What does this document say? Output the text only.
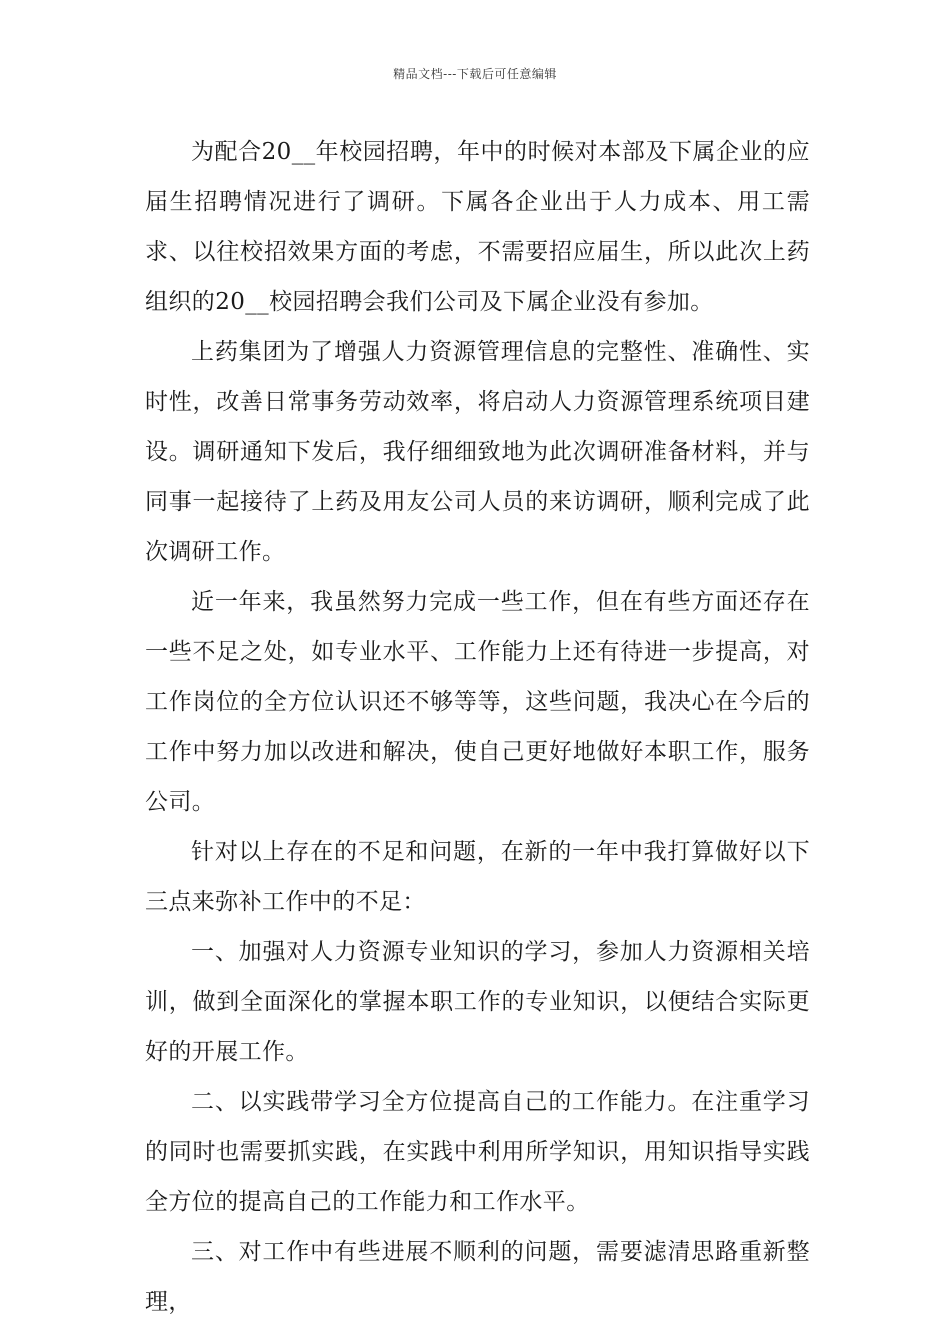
精品文档---下载后可任意编辑

为配合20__年校园招聘，年中的时候对本部及下属企业的应届生招聘情况进行了调研。下属各企业出于人力成本、用工需求、以往校招效果方面的考虑，不需要招应届生，所以此次上药组织的20__校园招聘会我们公司及下属企业没有参加。

上药集团为了增强人力资源管理信息的完整性、准确性、实时性，改善日常事务劳动效率，将启动人力资源管理系统项目建设。调研通知下发后，我仔细细致地为此次调研准备材料，并与同事一起接待了上药及用友公司人员的来访调研，顺利完成了此次调研工作。

近一年来，我虽然努力完成一些工作，但在有些方面还存在一些不足之处，如专业水平、工作能力上还有待进一步提高，对工作岗位的全方位认识还不够等等，这些问题，我决心在今后的工作中努力加以改进和解决，使自己更好地做好本职工作，服务公司。

针对以上存在的不足和问题，在新的一年中我打算做好以下三点来弥补工作中的不足：

一、加强对人力资源专业知识的学习，参加人力资源相关培训，做到全面深化的掌握本职工作的专业知识，以便结合实际更好的开展工作。

二、以实践带学习全方位提高自己的工作能力。在注重学习的同时也需要抓实践，在实践中利用所学知识，用知识指导实践全方位的提高自己的工作能力和工作水平。

三、对工作中有些进展不顺利的问题，需要滤清思路重新整理，
